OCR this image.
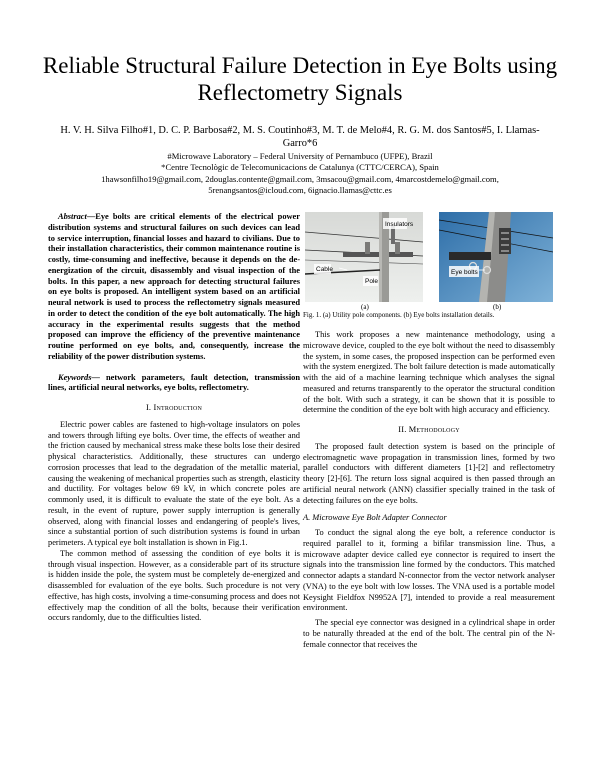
Reliable Structural Failure Detection in Eye Bolts using Reflectometry Signals
H. V. H. Silva Filho#1, D. C. P. Barbosa#2, M. S. Coutinho#3, M. T. de Melo#4, R. G. M. dos Santos#5, I. Llamas-Garro*6
#Microwave Laboratory – Federal University of Pernambuco (UFPE), Brazil
*Centre Tecnològic de Telecomunicacions de Catalunya (CTTC/CERCA), Spain
1hawsonfilho19@gmail.com, 2douglas.contente@gmail.com, 3msacou@gmail.com, 4marcostdemelo@gmail.com,
5renangsantos@icloud.com, 6ignacio.llamas@cttc.es

Abstract—Eye bolts are critical elements of the electrical power distribution systems and structural failures on such devices can lead to service interruption, financial losses and hazard to civilians. Due to their installation characteristics, their common maintenance routine is costly, time-consuming and ineffective, because it depends on the de-energization of the circuit, disassembly and visual inspection of the bolts. In this paper, a new approach for detecting structural failures on eye bolts is proposed. An intelligent system based on an artificial neural network is used to process the reflectometry signals measured in order to detect the condition of the eye bolt automatically. The high accuracy in the experimental results suggests that the method proposed can improve the efficiency of the preventive maintenance routine performed on eye bolts, and, consequently, increase the reliability of the power distribution systems.

Keywords— network parameters, fault detection, transmission lines, artificial neural networks, eye bolts, reflectometry.

I. Introduction

Electric power cables are fastened to high-voltage insulators on poles and towers through lifting eye bolts. Over time, the effects of weather and the friction caused by mechanical stress make these bolts lose their desired physical characteristics. Additionally, these structures can undergo corrosion processes that lead to the degradation of the metallic material, causing the weakening of mechanical properties such as strength, elasticity and ductility. For voltages below 69 kV, in which concrete poles are commonly used, it is difficult to evaluate the state of the eye bolt. As a result, in the event of rupture, power supply interruption is generally observed, along with financial losses and endangering of people's lives, since a substantial portion of such distribution systems is found in urban perimeters. A typical eye bolt installation is shown in Fig.1.

The common method of assessing the condition of eye bolts it is through visual inspection. However, as a considerable part of its structure is hidden inside the pole, the system must be completely de-energized and disassembled for evaluation of the eye bolts. Such procedure is not very effective, has high costs, involving a time-consuming process and does not effectively map the condition of all the bolts, because their verification occurs randomly, due to the difficulties listed.

Insulators
Cable
Pole
Eye bolts
(a)	(b)

Fig. 1. (a) Utility pole components. (b) Eye bolts installation details.

This work proposes a new maintenance methodology, using a microwave device, coupled to the eye bolt without the need to disassembly the system, in some cases, the proposed inspection can be performed even with the system energized. The bolt failure detection is made automatically with the aid of a machine learning technique which analyses the signal measured and returns transparently to the operator the structural condition of the bolt. With such a strategy, it can be shown that it is possible to determine the condition of the eye bolt with high accuracy and efficiency.

II. Methodology

The proposed fault detection system is based on the principle of electromagnetic wave propagation in transmission lines, formed by two parallel conductors with different diameters [1]-[2] and reflectometry theory [2]-[6]. The return loss signal acquired is then passed through an artificial neural network (ANN) classifier specially trained in the task of detecting failures on the eye bolts.

A. Microwave Eye Bolt Adapter Connector

To conduct the signal along the eye bolt, a reference conductor is required parallel to it, forming a bifilar transmission line. Thus, a microwave adapter device called eye connector is required to insert the signals into the transmission line formed by the conductors. This matched connector adapts a standard N-connector from the vector network analyser (VNA) to the eye bolt with low losses. The VNA used is a portable model Keysight Fieldfox N9952A [7], intended to provide a real measurement environment.

The special eye connector was designed in a cylindrical shape in order to be naturally threaded at the end of the bolt. The central pin of the N-female connector that receives the
